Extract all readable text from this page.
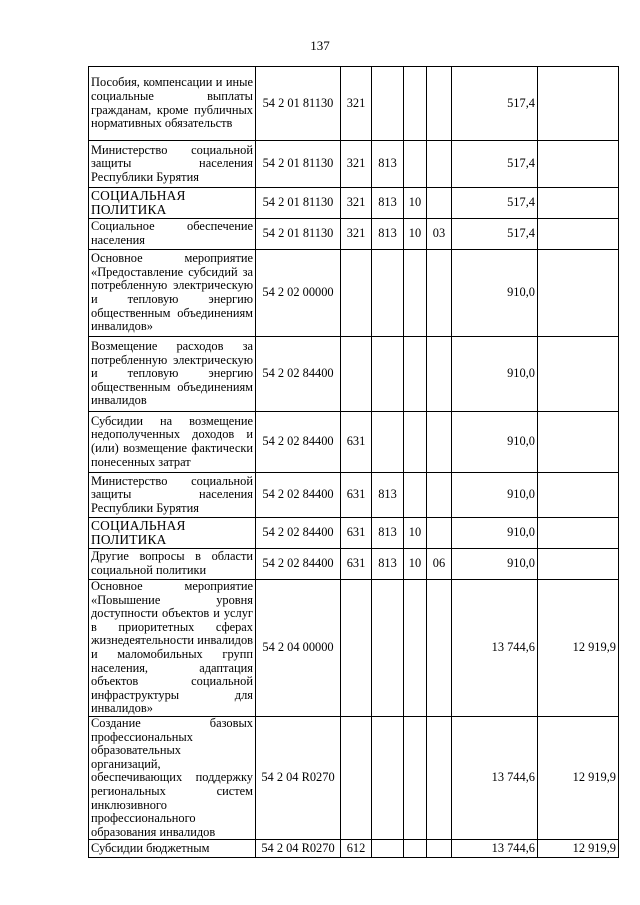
137
Пособия, компенсации и иные социальные выплаты гражданам, кроме публичных нормативных обязательств	54 2 01 81130	321				517,4	
Министерство социальной защиты населения Республики Бурятия	54 2 01 81130	321	813			517,4	
СОЦИАЛЬНАЯ ПОЛИТИКА	54 2 01 81130	321	813	10		517,4	
Социальное обеспечение населения	54 2 01 81130	321	813	10	03	517,4	
Основное мероприятие «Предоставление субсидий за потребленную электрическую и тепловую энергию общественным объединениям инвалидов»	54 2 02 00000					910,0	
Возмещение расходов за потребленную электрическую и тепловую энергию общественным объединениям инвалидов	54 2 02 84400					910,0	
Субсидии на возмещение недополученных доходов и (или) возмещение фактически понесенных затрат	54 2 02 84400	631				910,0	
Министерство социальной защиты населения Республики Бурятия	54 2 02 84400	631	813			910,0	
СОЦИАЛЬНАЯ ПОЛИТИКА	54 2 02 84400	631	813	10		910,0	
Другие вопросы в области социальной политики	54 2 02 84400	631	813	10	06	910,0	
Основное мероприятие «Повышение уровня доступности объектов и услуг в приоритетных сферах жизнедеятельности инвалидов и маломобильных групп населения, адаптация объектов социальной инфраструктуры для инвалидов»	54 2 04 00000					13 744,6	12 919,9
Создание базовых профессиональных образовательных организаций, обеспечивающих поддержку региональных систем инклюзивного профессионального образования инвалидов	54 2 04 R0270					13 744,6	12 919,9
Субсидии бюджетным	54 2 04 R0270	612				13 744,6	12 919,9
